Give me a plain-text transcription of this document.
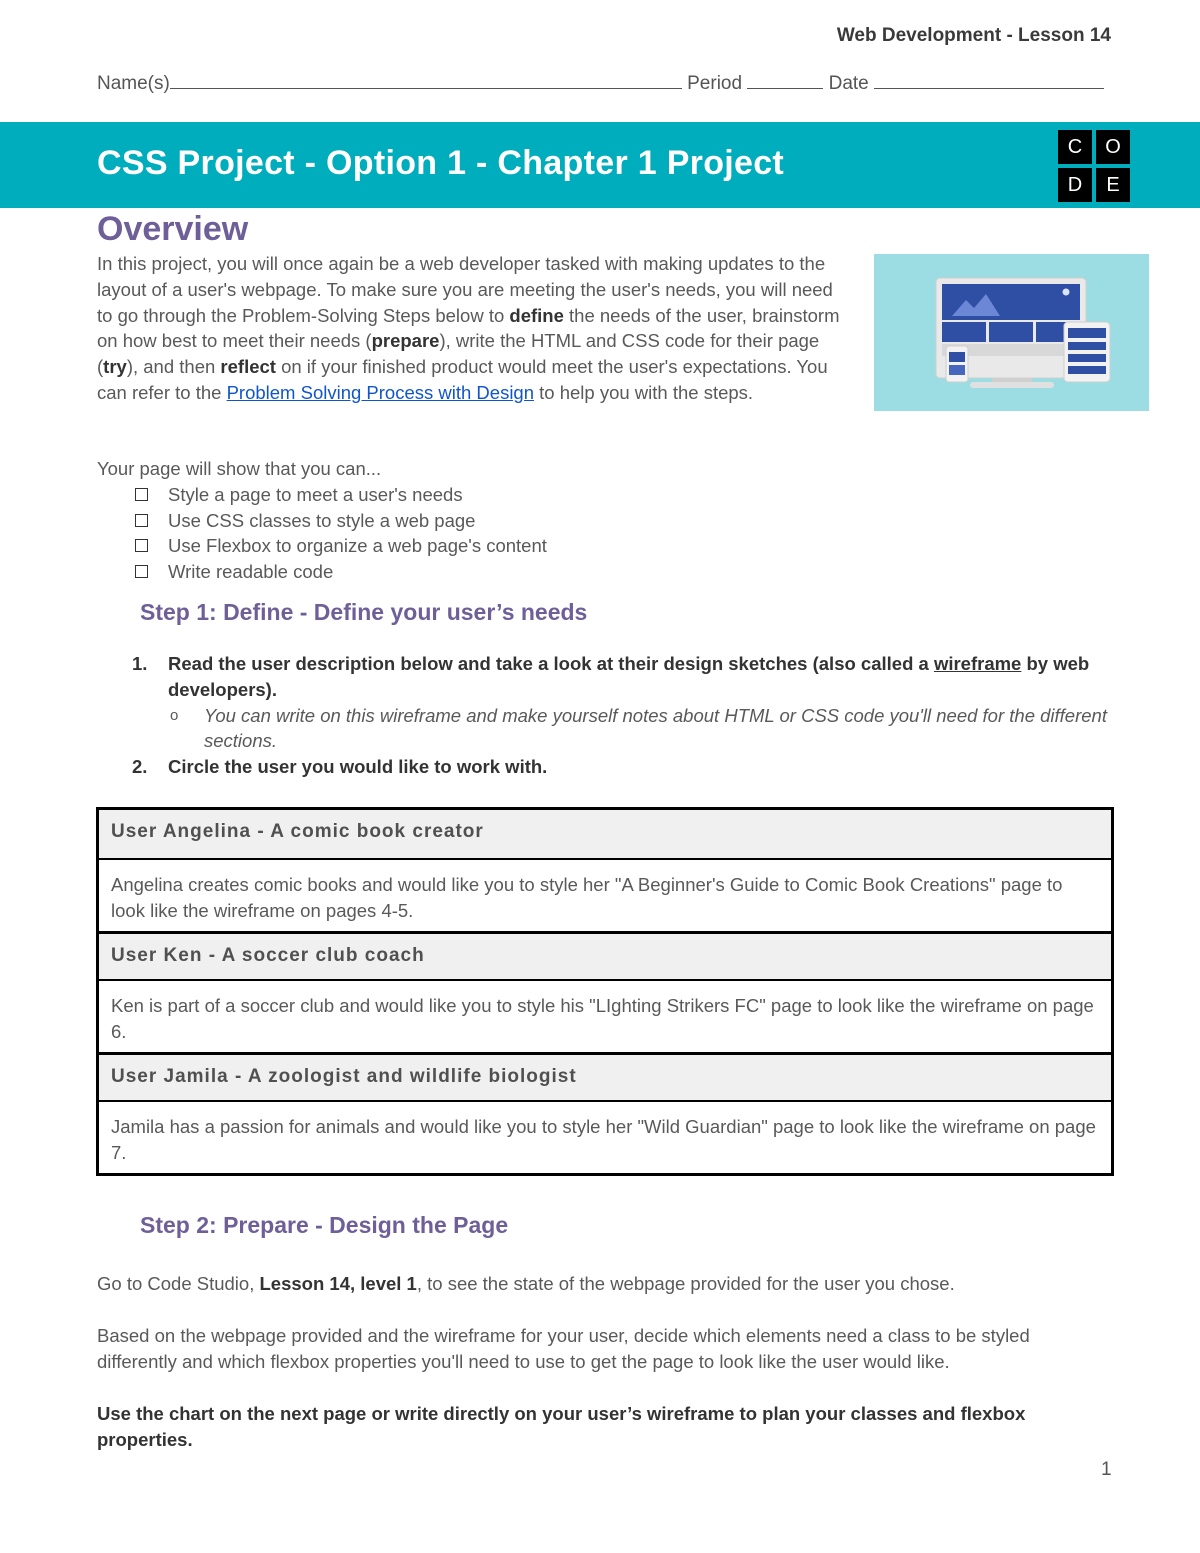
Web Development - Lesson 14
Name(s)	Period	Date
CSS Project - Option 1 - Chapter 1 Project	C	O
D	E
Overview
In this project, you will once again be a web developer tasked with making updates to the layout of a user's webpage. To make sure you are meeting the user's needs, you will need to go through the Problem-Solving Steps below to define the needs of the user, brainstorm on how best to meet their needs (prepare), write the HTML and CSS code for their page (try), and then reflect on if your finished product would meet the user's expectations. You can refer to the Problem Solving Process with Design to help you with the steps.
Your page will show that you can...
Style a page to meet a user's needs
Use CSS classes to style a web page
Use Flexbox to organize a web page's content
Write readable code
Step 1: Define - Define your user’s needs
1. Read the user description below and take a look at their design sketches (also called a wireframe by web developers).
o You can write on this wireframe and make yourself notes about HTML or CSS code you'll need for the different sections.
2. Circle the user you would like to work with.
User Angelina - A comic book creator
Angelina creates comic books and would like you to style her "A Beginner's Guide to Comic Book Creations" page to look like the wireframe on pages 4-5.
User Ken - A soccer club coach
Ken is part of a soccer club and would like you to style his "LIghting Strikers FC" page to look like the wireframe on page 6.
User Jamila - A zoologist and wildlife biologist
Jamila has a passion for animals and would like you to style her "Wild Guardian" page to look like the wireframe on page 7.
Step 2: Prepare - Design the Page
Go to Code Studio, Lesson 14, level 1, to see the state of the webpage provided for the user you chose.
Based on the webpage provided and the wireframe for your user, decide which elements need a class to be styled differently and which flexbox properties you'll need to use to get the page to look like the user would like.
Use the chart on the next page or write directly on your user’s wireframe to plan your classes and flexbox properties.
1
